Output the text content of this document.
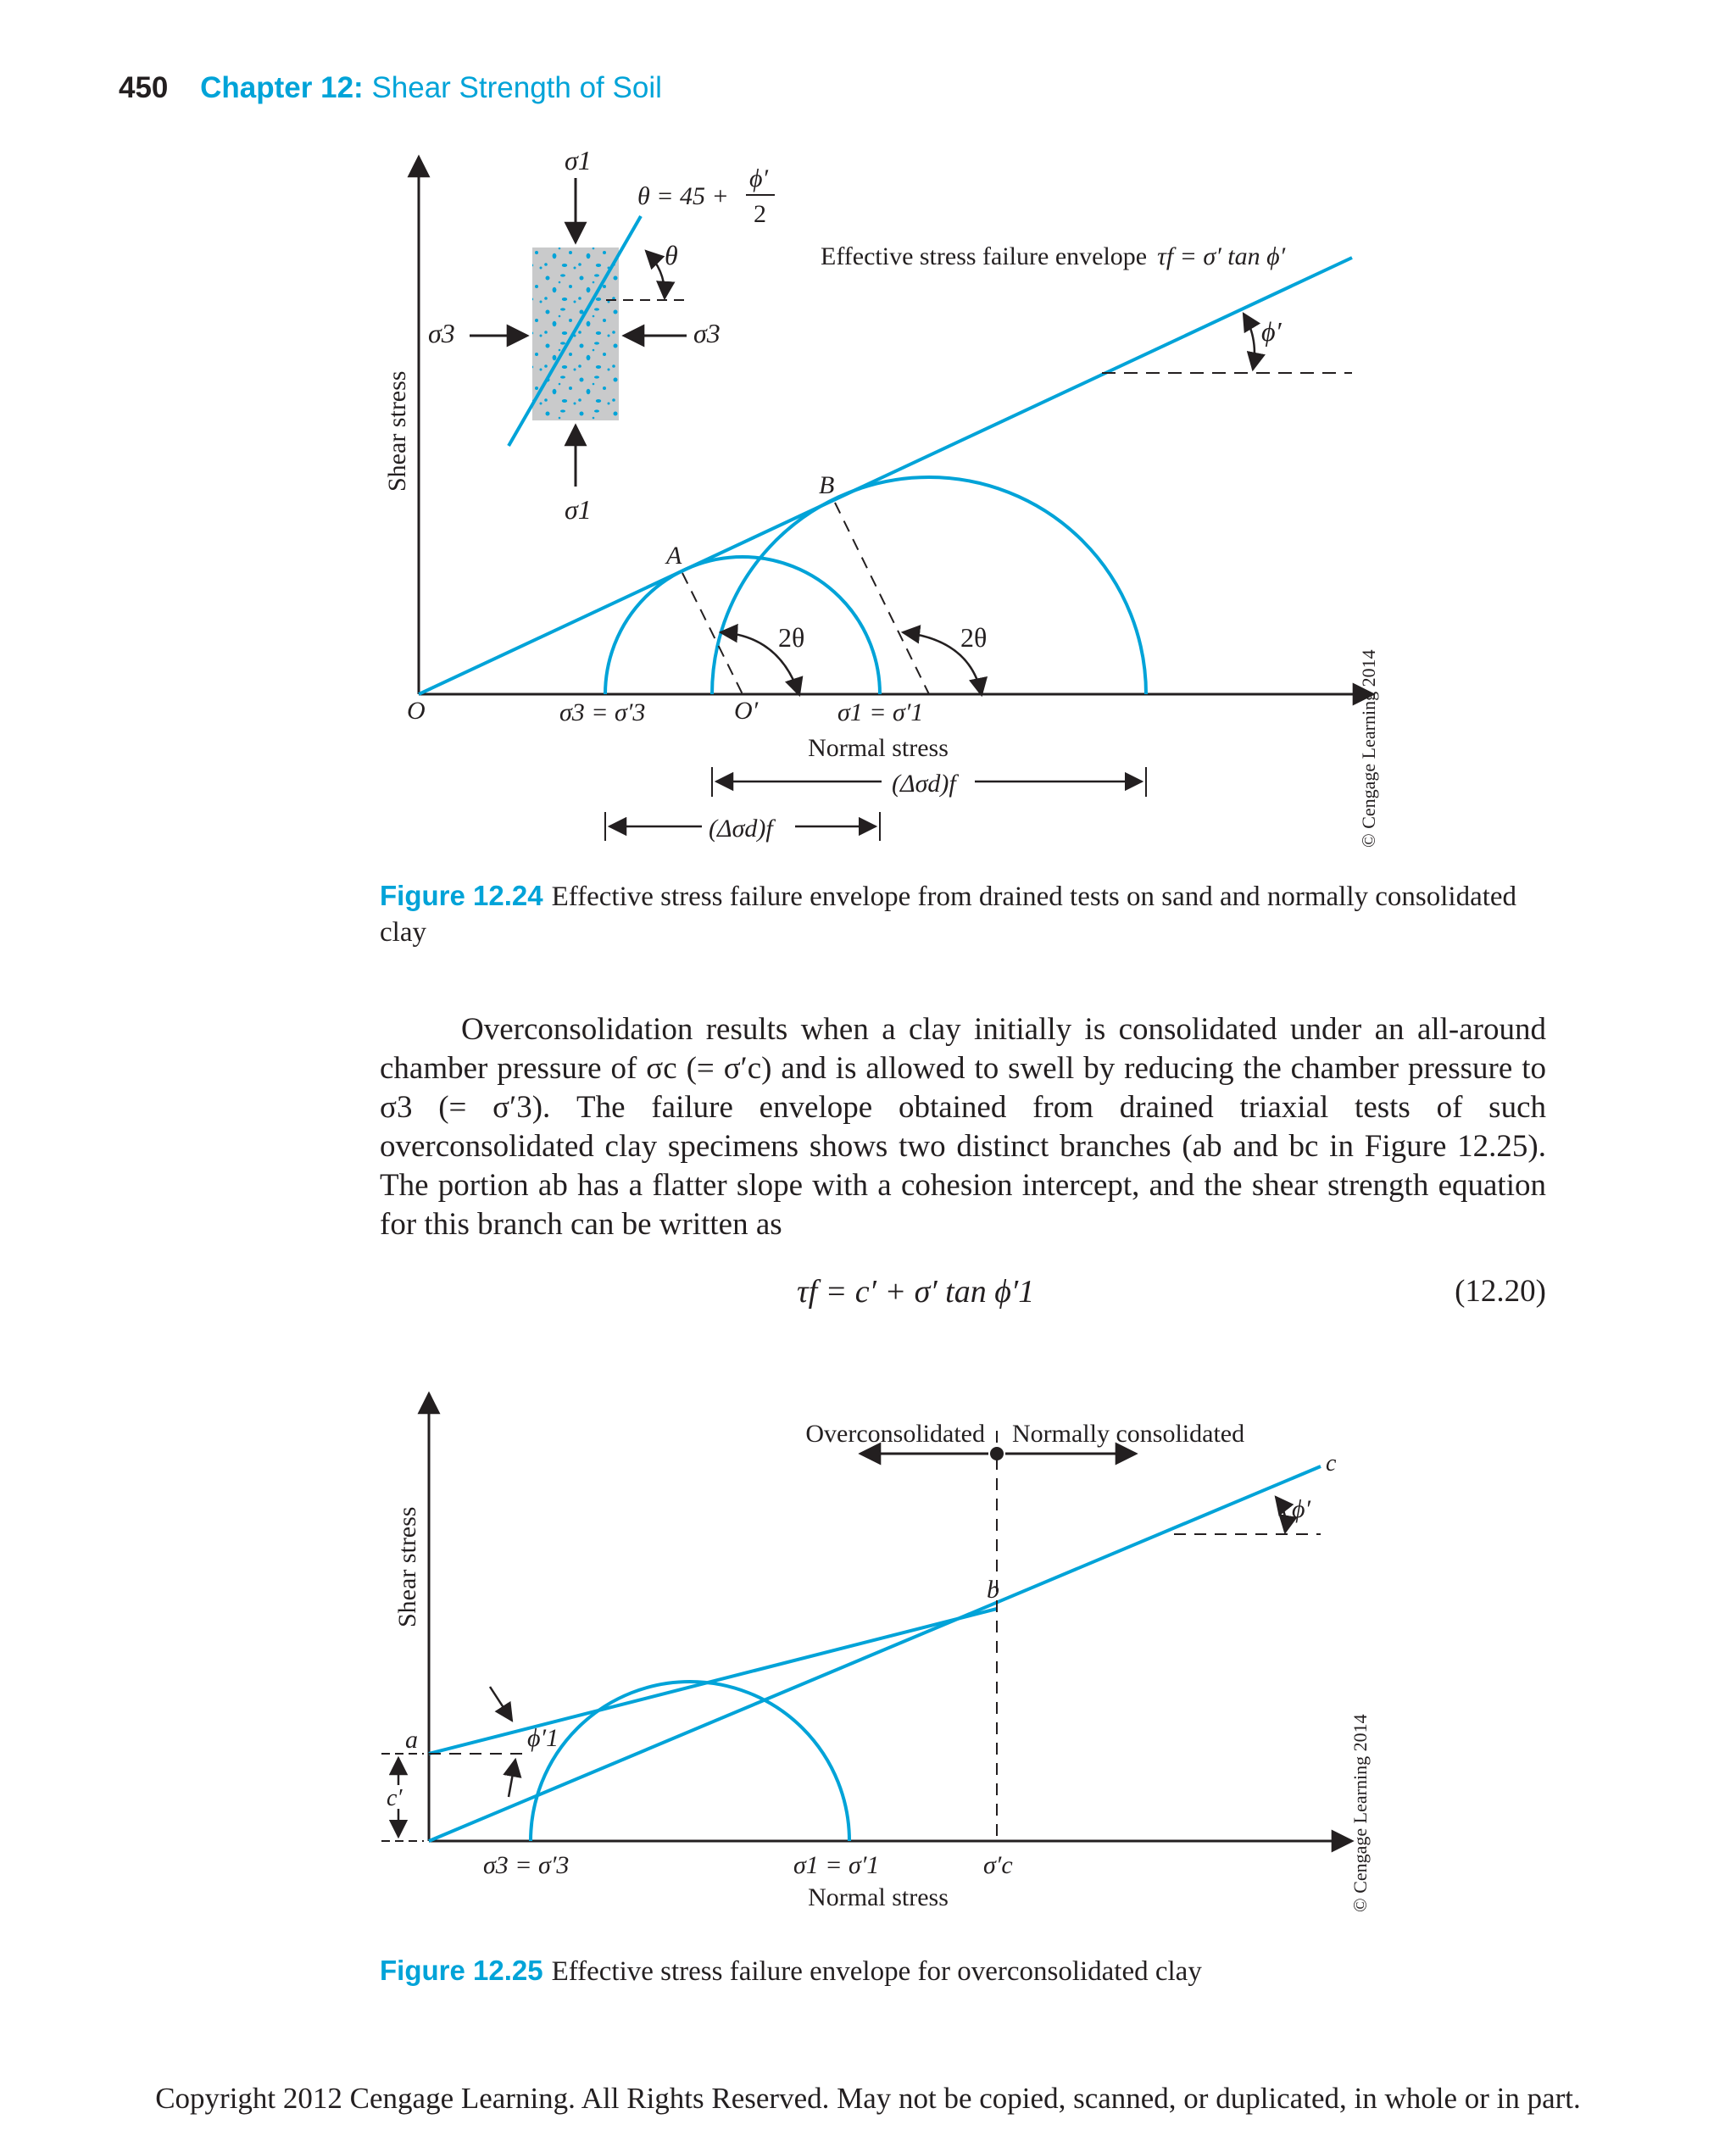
450 Chapter 12: Shear Strength of Soil
Shear stress
Normal stress
2θ	2θ
A
B
O	O′
σ3 = σ′3	σ1 = σ′1
(Δσd)f
(Δσd)f
Effective stress failure envelope τf = σ′ tan ϕ′
ϕ′
θ
σ1
σ1
σ3	σ3
θ = 45 +
ϕ′
2
© Cengage Learning 2014
Figure 12.24 Effective stress failure envelope from drained tests on sand and normally consolidated clay
Overconsolidation results when a clay initially is consolidated under an all-around chamber pressure of σc (= σ′c) and is allowed to swell by reducing the chamber pressure to σ3 (= σ′3). The failure envelope obtained from drained triaxial tests of such overconsolidated clay specimens shows two distinct branches (ab and bc in Figure 12.25). The portion ab has a flatter slope with a cohesion intercept, and the shear strength equation for this branch can be written as
τf = c′ + σ′ tan ϕ′1	(12.20)
Shear stress
Normal stress
Overconsolidated Normally consolidated
b
c
a
ϕ′
ϕ′1
c′
σ3 = σ′3	σ1 = σ′1	σ′c	© Cengage Learning 2014
Figure 12.25 Effective stress failure envelope for overconsolidated clay
Copyright 2012 Cengage Learning. All Rights Reserved. May not be copied, scanned, or duplicated, in whole or in part.
